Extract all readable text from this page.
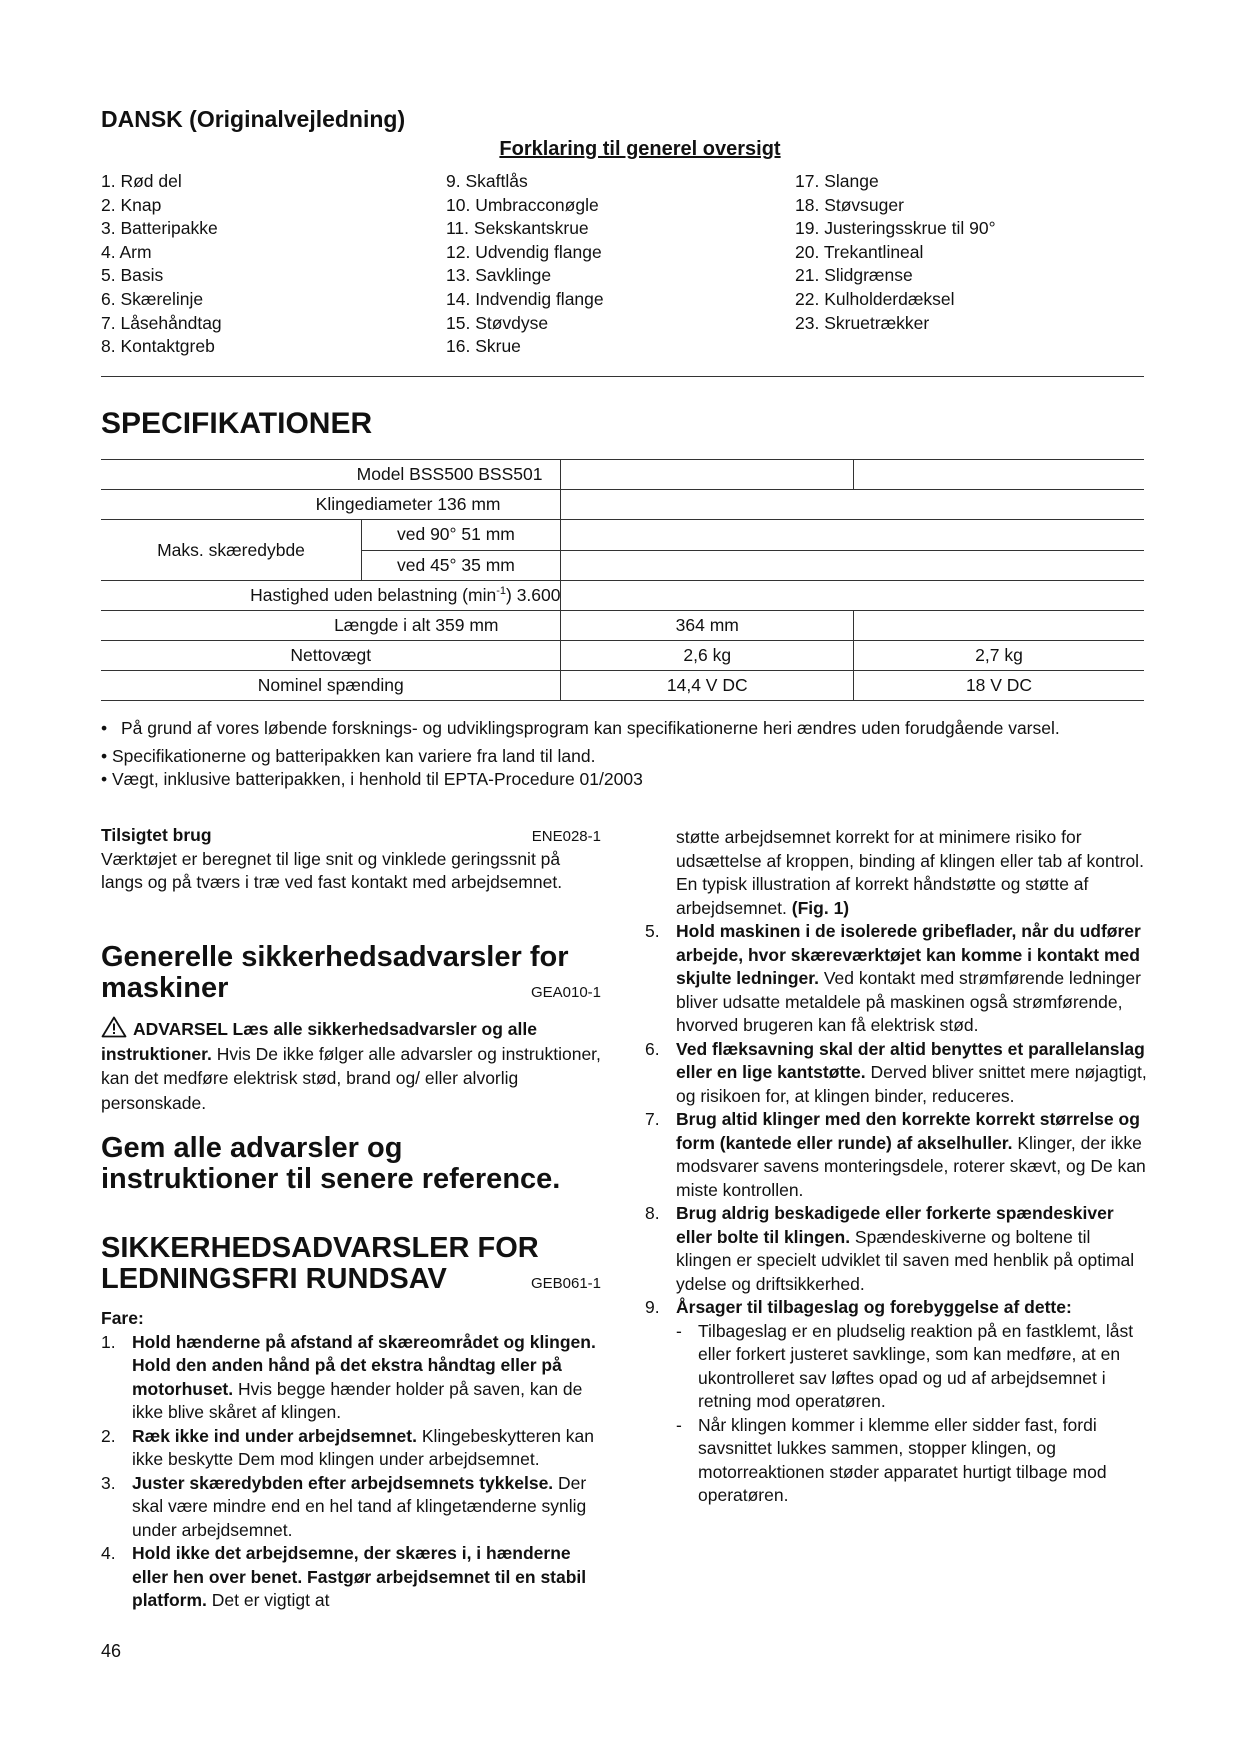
DANSK (Originalvejledning)
Forklaring til generel oversigt
1. Rød del
2. Knap
3. Batteripakke
4. Arm
5. Basis
6. Skærelinje
7. Låsehåndtag
8. Kontaktgreb
9. Skaftlås
10. Umbracconøgle
11. Sekskantskrue
12. Udvendig flange
13. Savklinge
14. Indvendig flange
15. Støvdyse
16. Skrue
17. Slange
18. Støvsuger
19. Justeringsskrue til 90°
20. Trekantlineal
21. Slidgrænse
22. Kulholderdæksel
23. Skruetrækker
SPECIFIKATIONER
Model BSS500 BSS501		
Klingediameter 136 mm		

Maks. skæredybde
ved 90° 51 mm
ved 45° 35 mm		

Hastighed uden belastning $(\min^{-1})$ 3.600		
Længde i alt 359 mm	364 mm	
Nettovægt	2,6 kg	2,7 kg
Nominel spænding	14,4 V DC	18 V DC
• På grund af vores løbende forsknings- og udviklingsprogram kan specifikationerne heri ændres uden forudgående varsel.
• Specifikationerne og batteripakken kan variere fra land til land.
• Vægt, inklusive batteripakken, i henhold til EPTA-Procedure 01/2003
Tilsigtet brug	ENE028-1

Værktøjet er beregnet til lige snit og vinklede geringssnit på langs og på tværs i træ ved fast kontakt med arbejdsemnet.

Generelle sikkerhedsadvarsler for

maskiner	GEA010-1

ADVARSEL Læs alle sikkerhedsadvarsler og alle instruktioner. Hvis De ikke følger alle advarsler og instruktioner, kan det medføre elektrisk stød, brand og/ eller alvorlig personskade.

Gem alle advarsler og

instruktioner til senere reference.

SIKKERHEDSADVARSLER FOR

LEDNINGSFRI RUNDSAV	GEB061-1

Fare:

1. Hold hænderne på afstand af skæreområdet og klingen. Hold den anden hånd på det ekstra håndtag eller på motorhuset. Hvis begge hænder holder på saven, kan de ikke blive skåret af klingen.
2. Ræk ikke ind under arbejdsemnet. Klingebeskytteren kan ikke beskytte Dem mod klingen under arbejdsemnet.
3. Juster skæredybden efter arbejdsemnets tykkelse. Der skal være mindre end en hel tand af klingetænderne synlig under arbejdsemnet.
4. Hold ikke det arbejdsemne, der skæres i, i hænderne eller hen over benet. Fastgør arbejdsemnet til en stabil platform. Det er vigtigt at
støtte arbejdsemnet korrekt for at minimere risiko for udsættelse af kroppen, binding af klingen eller tab af kontrol.
En typisk illustration af korrekt håndstøtte og støtte af arbejdsemnet. (Fig. 1)
5. Hold maskinen i de isolerede gribeflader, når du udfører arbejde, hvor skæreværktøjet kan komme i kontakt med skjulte ledninger. Ved kontakt med strømførende ledninger bliver udsatte metaldele på maskinen også strømførende, hvorved brugeren kan få elektrisk stød.
6. Ved flæksavning skal der altid benyttes et parallelanslag eller en lige kantstøtte. Derved bliver snittet mere nøjagtigt, og risikoen for, at klingen binder, reduceres.
7. Brug altid klinger med den korrekte korrekt størrelse og form (kantede eller runde) af akselhuller. Klinger, der ikke modsvarer savens monteringsdele, roterer skævt, og De kan miste kontrollen.
8. Brug aldrig beskadigede eller forkerte spændeskiver eller bolte til klingen. Spændeskiverne og boltene til klingen er specielt udviklet til saven med henblik på optimal ydelse og driftsikkerhed.
9. Årsager til tilbageslag og forebyggelse af dette:
- Tilbageslag er en pludselig reaktion på en fastklemt, låst eller forkert justeret savklinge, som kan medføre, at en ukontrolleret sav løftes opad og ud af arbejdsemnet i retning mod operatøren.
- Når klingen kommer i klemme eller sidder fast, fordi savsnittet lukkes sammen, stopper klingen, og motorreaktionen støder apparatet hurtigt tilbage mod operatøren.

46
